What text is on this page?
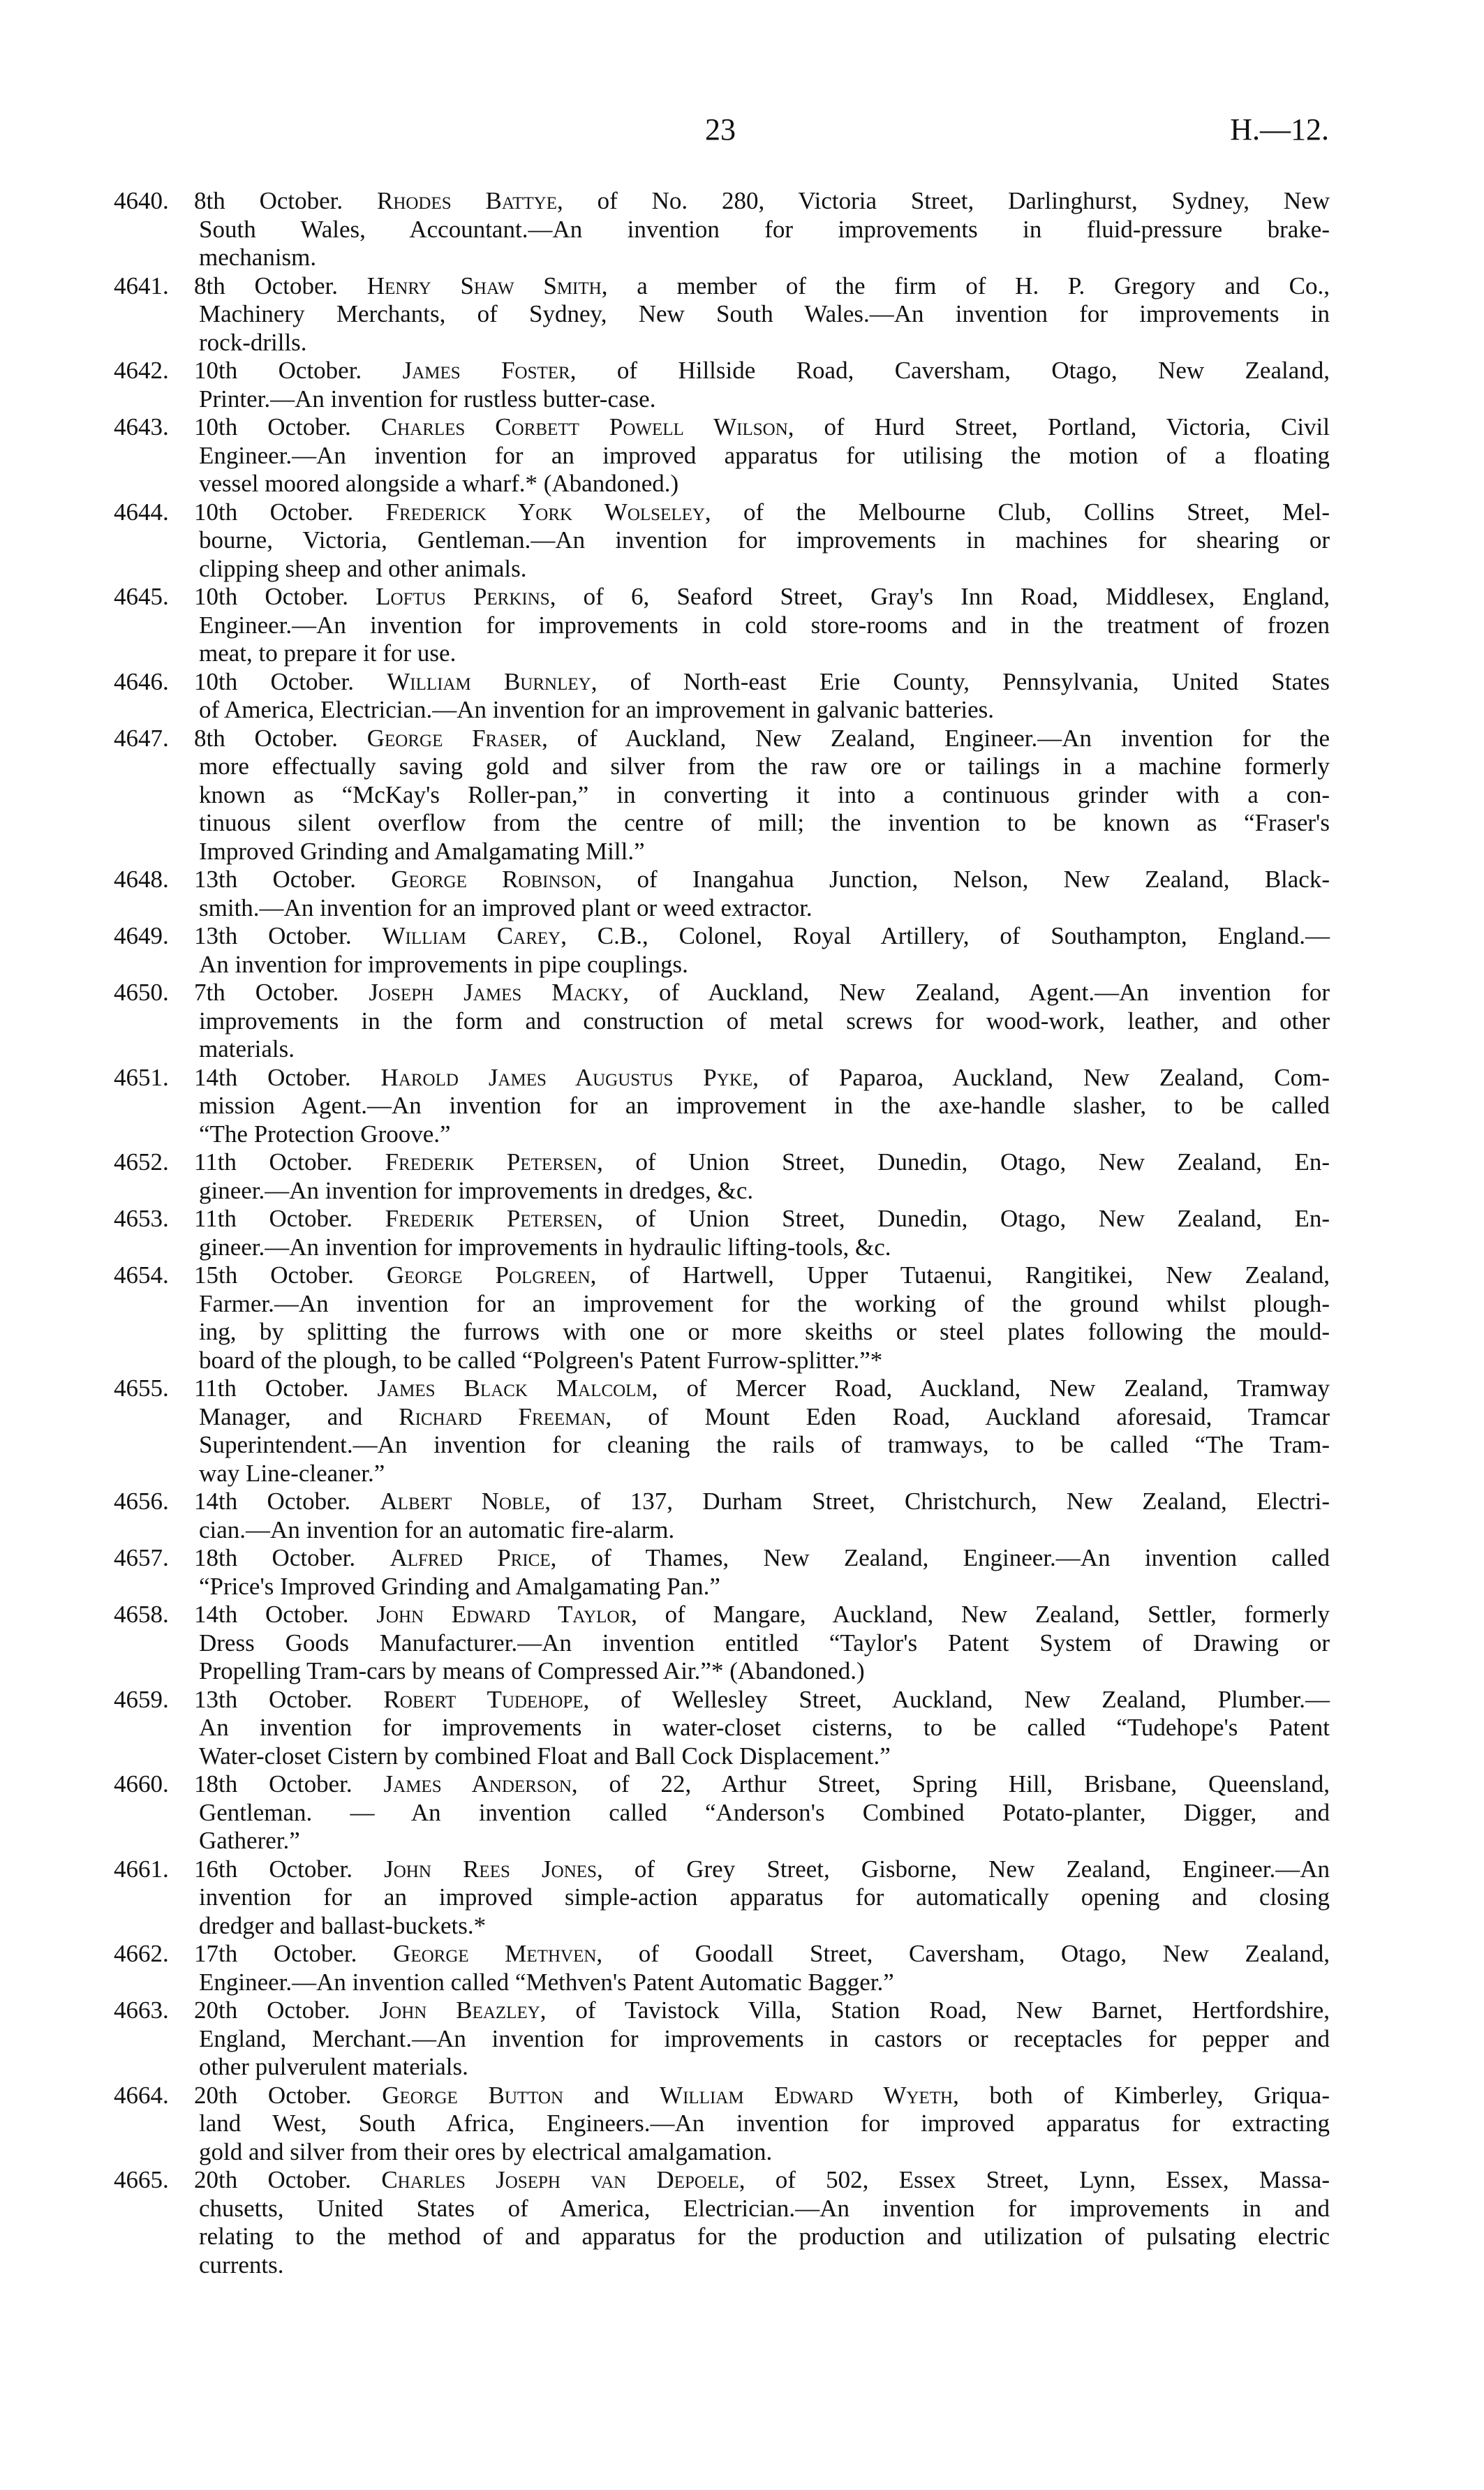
23	H.—12.
4640. 8th October. Rhodes Battye, of No. 280, Victoria Street, Darlinghurst, Sydney, New
South Wales, Accountant.—An invention for improvements in fluid-pressure brake-
mechanism.
4641. 8th October. Henry Shaw Smith, a member of the firm of H. P. Gregory and Co.,
Machinery Merchants, of Sydney, New South Wales.—An invention for improvements in
rock-drills.
4642. 10th October. James Foster, of Hillside Road, Caversham, Otago, New Zealand,
Printer.—An invention for rustless butter-case.
4643. 10th October. Charles Corbett Powell Wilson, of Hurd Street, Portland, Victoria, Civil
Engineer.—An invention for an improved apparatus for utilising the motion of a floating
vessel moored alongside a wharf.* (Abandoned.)
4644. 10th October. Frederick York Wolseley, of the Melbourne Club, Collins Street, Mel-
bourne, Victoria, Gentleman.—An invention for improvements in machines for shearing or
clipping sheep and other animals.
4645. 10th October. Loftus Perkins, of 6, Seaford Street, Gray's Inn Road, Middlesex, England,
Engineer.—An invention for improvements in cold store-rooms and in the treatment of frozen
meat, to prepare it for use.
4646. 10th October. William Burnley, of North-east Erie County, Pennsylvania, United States
of America, Electrician.—An invention for an improvement in galvanic batteries.
4647. 8th October. George Fraser, of Auckland, New Zealand, Engineer.—An invention for the
more effectually saving gold and silver from the raw ore or tailings in a machine formerly
known as “McKay's Roller-pan,” in converting it into a continuous grinder with a con-
tinuous silent overflow from the centre of mill; the invention to be known as “Fraser's
Improved Grinding and Amalgamating Mill.”
4648. 13th October. George Robinson, of Inangahua Junction, Nelson, New Zealand, Black-
smith.—An invention for an improved plant or weed extractor.
4649. 13th October. William Carey, C.B., Colonel, Royal Artillery, of Southampton, England.—
An invention for improvements in pipe couplings.
4650. 7th October. Joseph James Macky, of Auckland, New Zealand, Agent.—An invention for
improvements in the form and construction of metal screws for wood-work, leather, and other
materials.
4651. 14th October. Harold James Augustus Pyke, of Paparoa, Auckland, New Zealand, Com-
mission Agent.—An invention for an improvement in the axe-handle slasher, to be called
“The Protection Groove.”
4652. 11th October. Frederik Petersen, of Union Street, Dunedin, Otago, New Zealand, En-
gineer.—An invention for improvements in dredges, &c.
4653. 11th October. Frederik Petersen, of Union Street, Dunedin, Otago, New Zealand, En-
gineer.—An invention for improvements in hydraulic lifting-tools, &c.
4654. 15th October. George Polgreen, of Hartwell, Upper Tutaenui, Rangitikei, New Zealand,
Farmer.—An invention for an improvement for the working of the ground whilst plough-
ing, by splitting the furrows with one or more skeiths or steel plates following the mould-
board of the plough, to be called “Polgreen's Patent Furrow-splitter.”*
4655. 11th October. James Black Malcolm, of Mercer Road, Auckland, New Zealand, Tramway
Manager, and Richard Freeman, of Mount Eden Road, Auckland aforesaid, Tramcar
Superintendent.—An invention for cleaning the rails of tramways, to be called “The Tram-
way Line-cleaner.”
4656. 14th October. Albert Noble, of 137, Durham Street, Christchurch, New Zealand, Electri-
cian.—An invention for an automatic fire-alarm.
4657. 18th October. Alfred Price, of Thames, New Zealand, Engineer.—An invention called
“Price's Improved Grinding and Amalgamating Pan.”
4658. 14th October. John Edward Taylor, of Mangare, Auckland, New Zealand, Settler, formerly
Dress Goods Manufacturer.—An invention entitled “Taylor's Patent System of Drawing or
Propelling Tram-cars by means of Compressed Air.”* (Abandoned.)
4659. 13th October. Robert Tudehope, of Wellesley Street, Auckland, New Zealand, Plumber.—
An invention for improvements in water-closet cisterns, to be called “Tudehope's Patent
Water-closet Cistern by combined Float and Ball Cock Displacement.”
4660. 18th October. James Anderson, of 22, Arthur Street, Spring Hill, Brisbane, Queensland,
Gentleman. — An invention called “Anderson's Combined Potato-planter, Digger, and
Gatherer.”
4661. 16th October. John Rees Jones, of Grey Street, Gisborne, New Zealand, Engineer.—An
invention for an improved simple-action apparatus for automatically opening and closing
dredger and ballast-buckets.*
4662. 17th October. George Methven, of Goodall Street, Caversham, Otago, New Zealand,
Engineer.—An invention called “Methven's Patent Automatic Bagger.”
4663. 20th October. John Beazley, of Tavistock Villa, Station Road, New Barnet, Hertfordshire,
England, Merchant.—An invention for improvements in castors or receptacles for pepper and
other pulverulent materials.
4664. 20th October. George Button and William Edward Wyeth, both of Kimberley, Griqua-
land West, South Africa, Engineers.—An invention for improved apparatus for extracting
gold and silver from their ores by electrical amalgamation.
4665. 20th October. Charles Joseph van Depoele, of 502, Essex Street, Lynn, Essex, Massa-
chusetts, United States of America, Electrician.—An invention for improvements in and
relating to the method of and apparatus for the production and utilization of pulsating electric
currents.
